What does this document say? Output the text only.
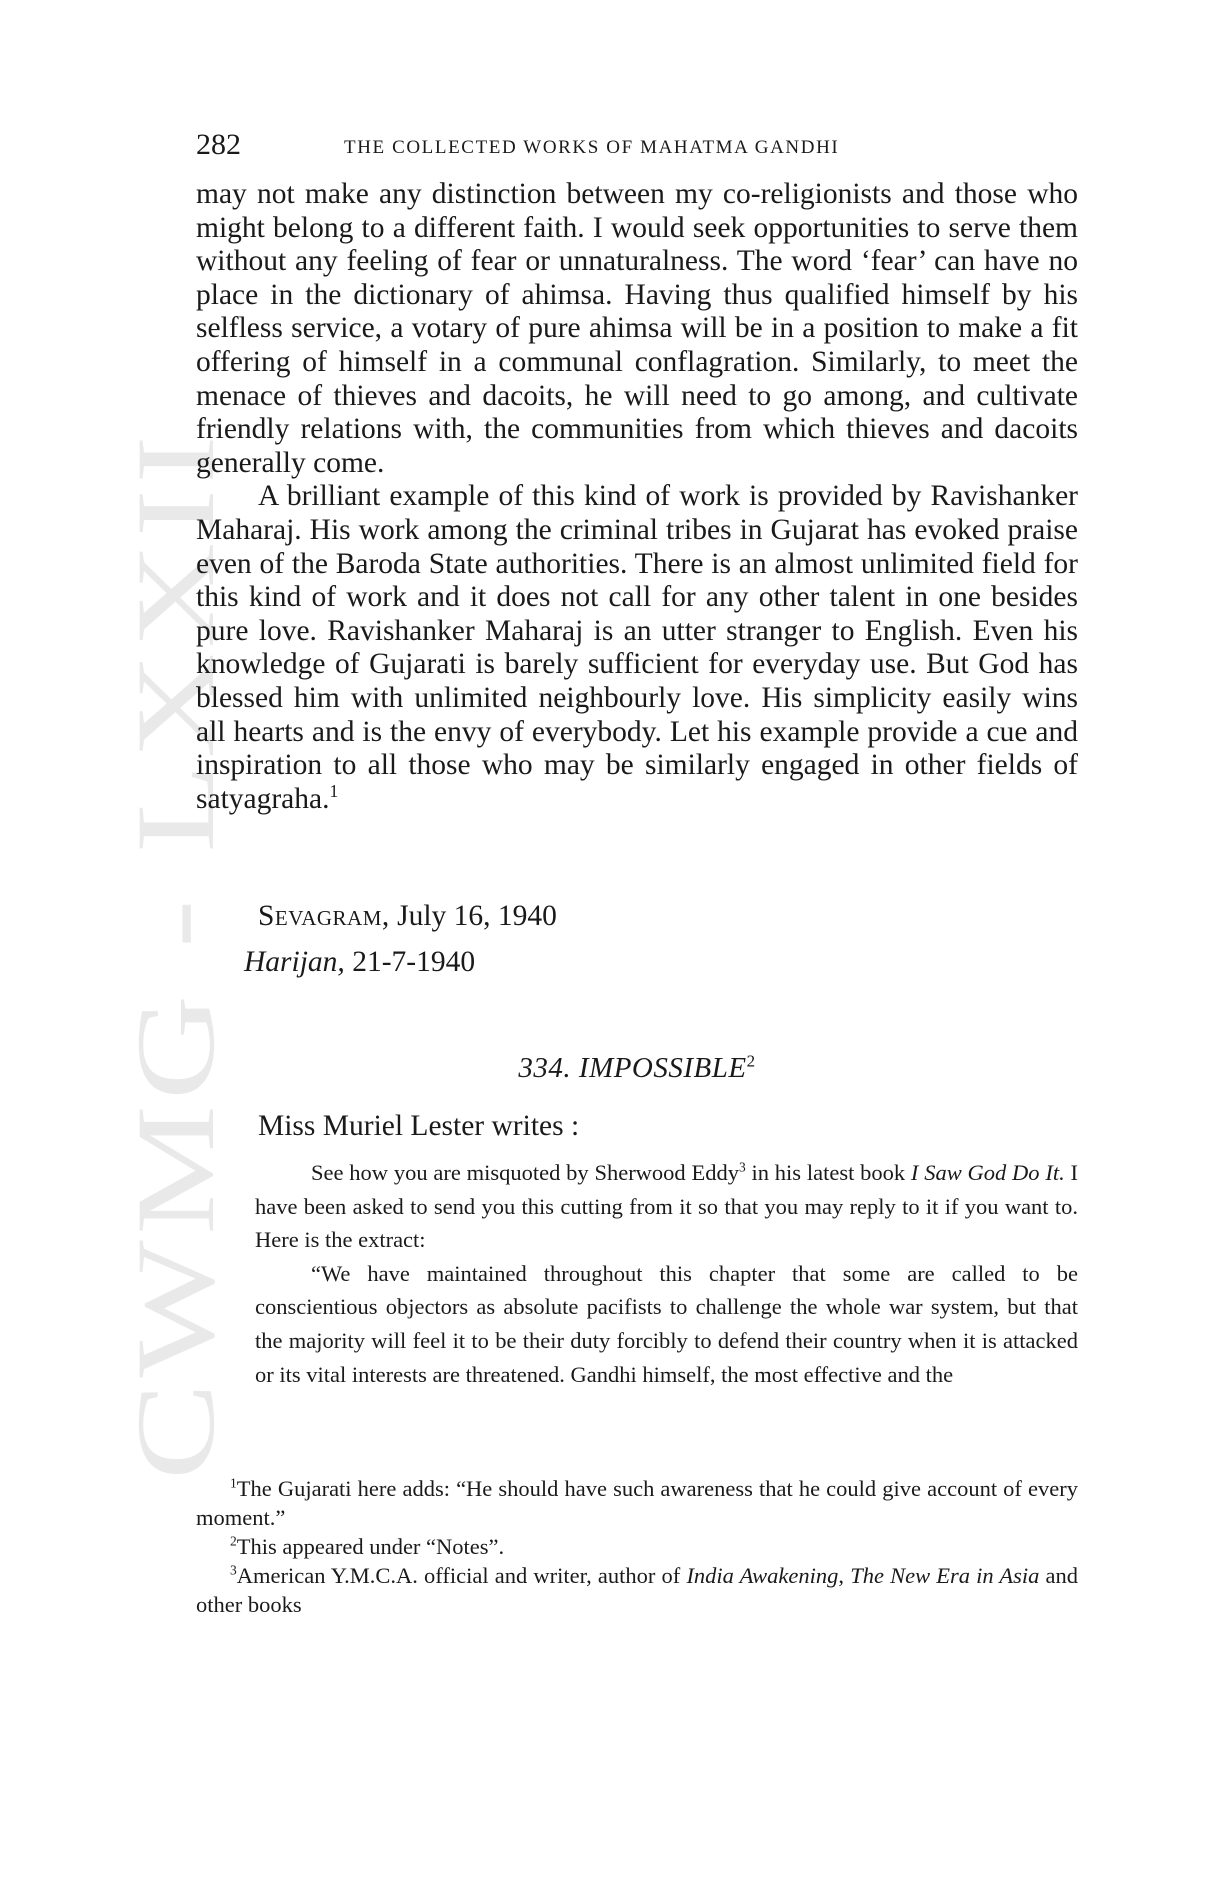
CWMG LXXII
282	THE COLLECTED WORKS OF MAHATMA GANDHI

may not make any distinction between my co-religionists and those who might belong to a different faith. I would seek opportunities to serve them without any feeling of fear or unnaturalness. The word ‘fear’ can have no place in the dictionary of ahimsa. Having thus qualified himself by his selfless service, a votary of pure ahimsa will be in a position to make a fit offering of himself in a communal conflagration. Similarly, to meet the menace of thieves and dacoits, he will need to go among, and cultivate friendly relations with, the communities from which thieves and dacoits generally come.

A brilliant example of this kind of work is provided by Ravishanker Maharaj. His work among the criminal tribes in Gujarat has evoked praise even of the Baroda State authorities. There is an almost unlimited field for this kind of work and it does not call for any other talent in one besides pure love. Ravishanker Maharaj is an utter stranger to English. Even his knowledge of Gujarati is barely sufficient for everyday use. But God has blessed him with unlimited neighbourly love. His simplicity easily wins all hearts and is the envy of everybody. Let his example provide a cue and inspiration to all those who may be similarly engaged in other fields of satyagraha.$^1$

Sevagram, July 16, 1940
Harijan, 21-7-1940
334. IMPOSSIBLE$^2$
Miss Muriel Lester writes :

See how you are misquoted by Sherwood Eddy$^3$ in his latest book I Saw God Do It. I have been asked to send you this cutting from it so that you may reply to it if you want to. Here is the extract:

“We have maintained throughout this chapter that some are called to be conscientious objectors as absolute pacifists to challenge the whole war system, but that the majority will feel it to be their duty forcibly to defend their country when it is attacked or its vital interests are threatened. Gandhi himself, the most effective and the

$^1$The Gujarati here adds: “He should have such awareness that he could give account of every moment.”

$^2$This appeared under “Notes”.

$^3$American Y.M.C.A. official and writer, author of India Awakening, The New Era in Asia and other books
